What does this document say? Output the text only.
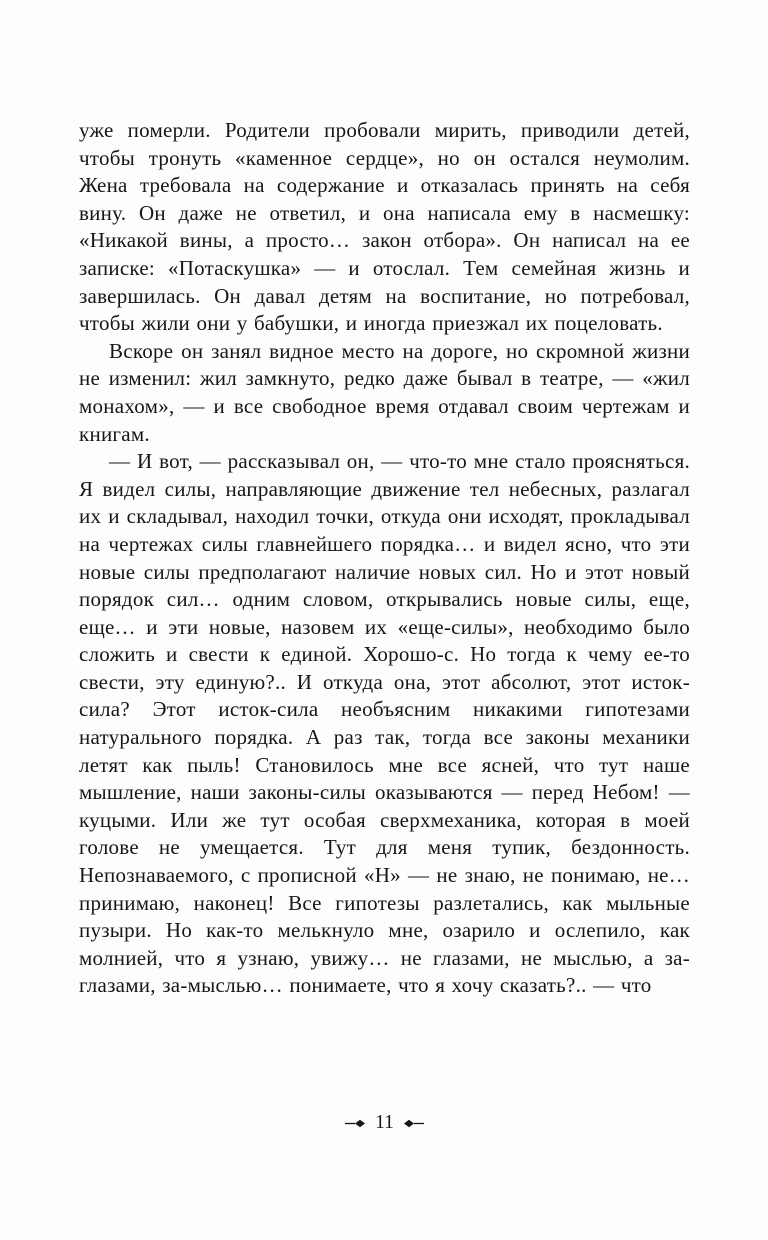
уже померли. Родители пробовали мирить, приводили детей, чтобы тронуть «каменное сердце», но он остался неумолим. Жена требовала на содержание и отказалась принять на себя вину. Он даже не ответил, и она написала ему в насмешку: «Никакой вины, а просто… закон отбора». Он написал на ее записке: «Потаскушка» — и отослал. Тем семейная жизнь и завершилась. Он давал детям на воспитание, но потребовал, чтобы жили они у бабушки, и иногда приезжал их поцеловать.

Вскоре он занял видное место на дороге, но скромной жизни не изменил: жил замкнуто, редко даже бывал в театре, — «жил монахом», — и все свободное время отдавал своим чертежам и книгам.

— И вот, — рассказывал он, — что-то мне стало проясняться. Я видел силы, направляющие движение тел небесных, разлагал их и складывал, находил точки, откуда они исходят, прокладывал на чертежах силы главнейшего порядка… и видел ясно, что эти новые силы предполагают наличие новых сил. Но и этот новый порядок сил… одним словом, открывались новые силы, еще, еще… и эти новые, назовем их «еще-силы», необходимо было сложить и свести к единой. Хорошо-с. Но тогда к чему ее-то свести, эту единую?.. И откуда она, этот абсолют, этот исток-сила? Этот исток-сила необъясним никакими гипотезами натурального порядка. А раз так, тогда все законы механики летят как пыль! Становилось мне все ясней, что тут наше мышление, наши законы-силы оказываются — перед Небом! — куцыми. Или же тут особая сверхмеханика, которая в моей голове не умещается. Тут для меня тупик, бездонность. Непознаваемого, с прописной «Н» — не знаю, не понимаю, не… принимаю, наконец! Все гипотезы разлетались, как мыльные пузыри. Но как-то мелькнуло мне, озарило и ослепило, как молнией, что я узнаю, увижу… не глазами, не мыслью, а за-глазами, за-мыслью… понимаете, что я хочу сказать?.. — что

11
